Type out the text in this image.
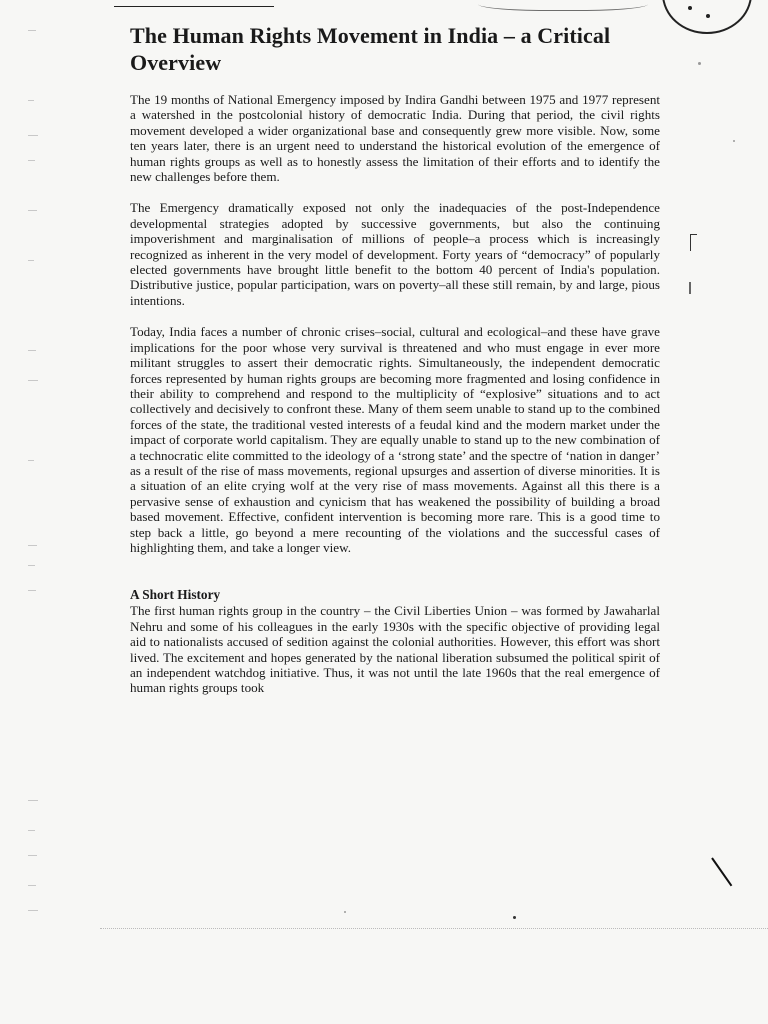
The Human Rights Movement in India – a Critical Overview

The 19 months of National Emergency imposed by Indira Gandhi between 1975 and 1977 represent a watershed in the postcolonial history of democratic India. During that period, the civil rights movement developed a wider organizational base and consequently grew more visible. Now, some ten years later, there is an urgent need to understand the historical evolution of the emergence of human rights groups as well as to honestly assess the limitation of their efforts and to identify the new challenges before them.

The Emergency dramatically exposed not only the inadequacies of the post-Independence developmental strategies adopted by successive governments, but also the continuing impoverishment and marginalisation of millions of people–a process which is increasingly recognized as inherent in the very model of development. Forty years of “democracy” of popularly elected governments have brought little benefit to the bottom 40 percent of India's population. Distributive justice, popular participation, wars on poverty–all these still remain, by and large, pious intentions.

Today, India faces a number of chronic crises–social, cultural and ecological–and these have grave implications for the poor whose very survival is threatened and who must engage in ever more militant struggles to assert their democratic rights. Simultaneously, the independent democratic forces represented by human rights groups are becoming more fragmented and losing confidence in their ability to comprehend and respond to the multiplicity of “explosive” situations and to act collectively and decisively to confront these. Many of them seem unable to stand up to the combined forces of the state, the traditional vested interests of a feudal kind and the modern market under the impact of corporate world capitalism. They are equally unable to stand up to the new combination of a technocratic elite committed to the ideology of a ‘strong state’ and the spectre of ‘nation in danger’ as a result of the rise of mass movements, regional upsurges and assertion of diverse minorities. It is a situation of an elite crying wolf at the very rise of mass movements. Against all this there is a pervasive sense of exhaustion and cynicism that has weakened the possibility of building a broad based movement. Effective, confident intervention is becoming more rare. This is a good time to step back a little, go beyond a mere recounting of the violations and the successful cases of highlighting them, and take a longer view.

A Short History

The first human rights group in the country – the Civil Liberties Union – was formed by Jawaharlal Nehru and some of his colleagues in the early 1930s with the specific objective of providing legal aid to nationalists accused of sedition against the colonial authorities. However, this effort was short lived. The excitement and hopes generated by the national liberation subsumed the political spirit of an independent watchdog initiative. Thus, it was not until the late 1960s that the real emergence of human rights groups took
